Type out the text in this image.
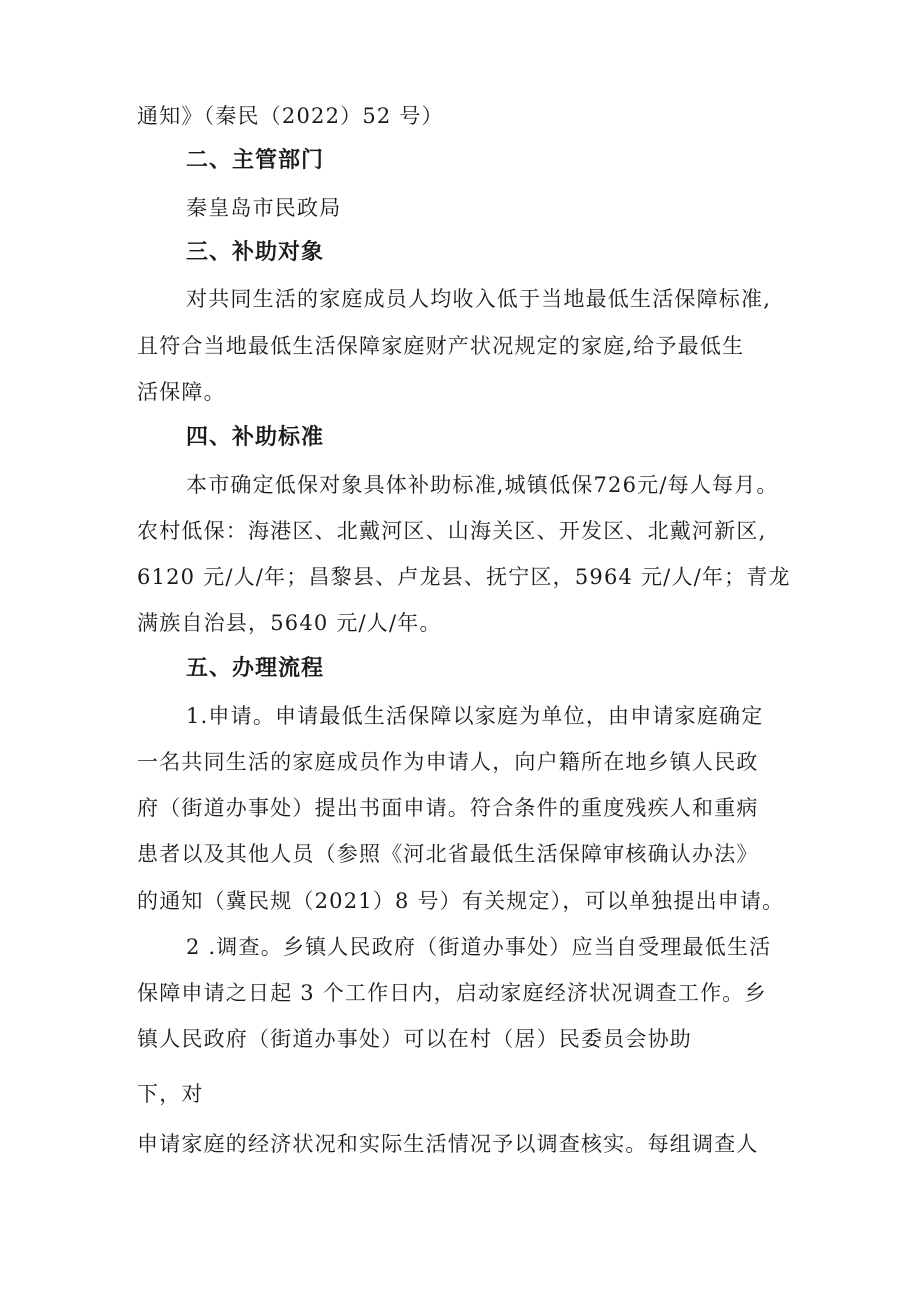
通知》（秦民（2022）52 号）
二、主管部门
秦皇岛市民政局
三、补助对象
对共同生活的家庭成员人均收入低于当地最低生活保障标准,
且符合当地最低生活保障家庭财产状况规定的家庭,给予最低生
活保障。
四、补助标准
本市确定低保对象具体补助标准,城镇低保726元/每人每月。
农村低保：海港区、北戴河区、山海关区、开发区、北戴河新区,
6120 元/人/年；昌黎县、卢龙县、抚宁区，5964 元/人/年；青龙
满族自治县，5640 元/人/年。
五、办理流程
1.申请。申请最低生活保障以家庭为单位，由申请家庭确定
一名共同生活的家庭成员作为申请人，向户籍所在地乡镇人民政
府（街道办事处）提出书面申请。符合条件的重度残疾人和重病
患者以及其他人员（参照《河北省最低生活保障审核确认办法》
的通知（冀民规（2021）8 号）有关规定），可以单独提出申请。
2 .调查。乡镇人民政府（街道办事处）应当自受理最低生活
保障申请之日起 3 个工作日内，启动家庭经济状况调查工作。乡
镇人民政府（街道办事处）可以在村（居）民委员会协助
下，对
申请家庭的经济状况和实际生活情况予以调查核实。每组调查人
